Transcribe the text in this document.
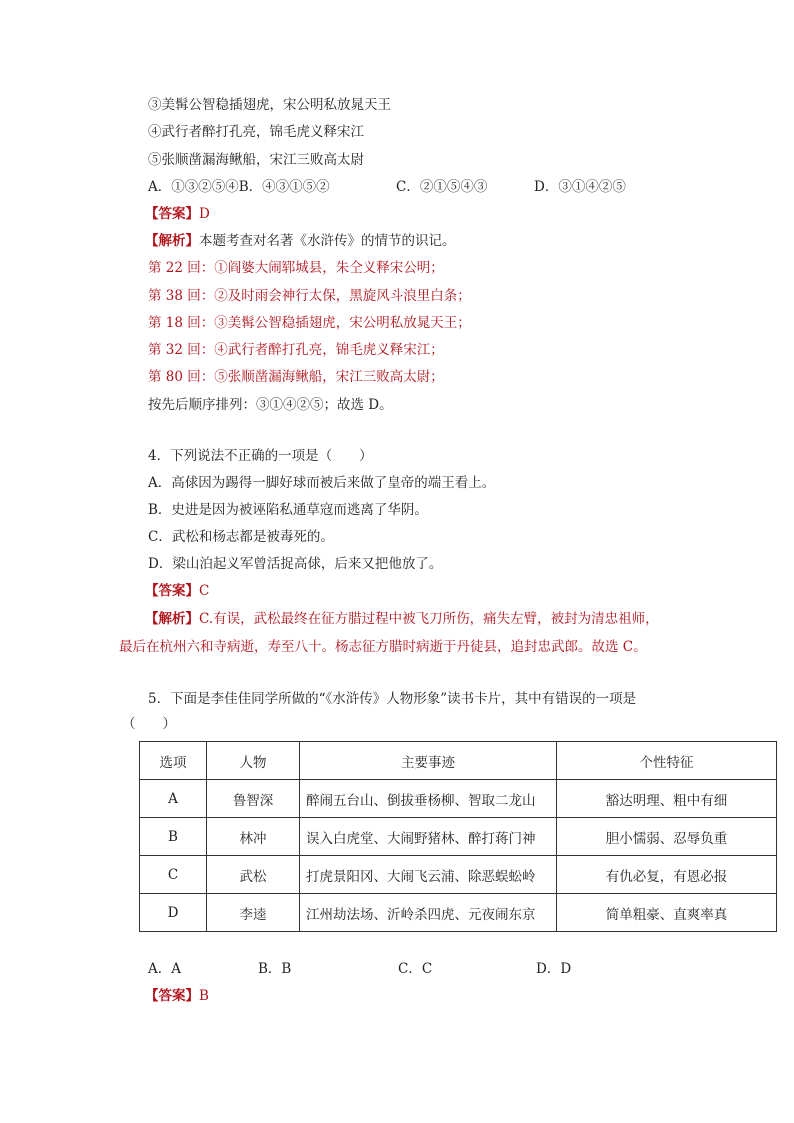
③美髯公智稳插翅虎，宋公明私放晁天王
④武行者醉打孔亮，锦毛虎义释宋江
⑤张顺凿漏海鳅船，宋江三败高太尉
A．①③②⑤④B．④③①⑤②	C．②①⑤④③	D．③①④②⑤
【答案】D
【解析】本题考查对名著《水浒传》的情节的识记。
第 22 回：①阎婆大闹郓城县，朱仝义释宋公明；
第 38 回：②及时雨会神行太保，黑旋风斗浪里白条；
第 18 回：③美髯公智稳插翅虎，宋公明私放晁天王；
第 32 回：④武行者醉打孔亮，锦毛虎义释宋江；
第 80 回：⑤张顺凿漏海鳅船，宋江三败高太尉；
按先后顺序排列：③①④②⑤；故选 D。
4．下列说法不正确的一项是（　　）
A．高俅因为踢得一脚好球而被后来做了皇帝的端王看上。
B．史进是因为被诬陷私通草寇而逃离了华阴。
C．武松和杨志都是被毒死的。
D．梁山泊起义军曾活捉高俅，后来又把他放了。
【答案】C
【解析】C.有误，武松最终在征方腊过程中被飞刀所伤，痛失左臂，被封为清忠祖师，
最后在杭州六和寺病逝，寿至八十。杨志征方腊时病逝于丹徒县，追封忠武郎。故选 C。
5．下面是李佳佳同学所做的“《水浒传》人物形象”读书卡片，其中有错误的一项是
（　　）
选项	人物	主要事迹	个性特征
A	鲁智深	醉闹五台山、倒拔垂杨柳、智取二龙山	豁达明理、粗中有细
B	林冲	误入白虎堂、大闹野猪林、醉打蒋门神	胆小懦弱、忍辱负重
C	武松	打虎景阳冈、大闹飞云浦、除恶蜈蚣岭	有仇必复，有恩必报
D	李逵	江州劫法场、沂岭杀四虎、元夜闹东京	简单粗豪、直爽率真
A．A	B．B	C．C	D．D
【答案】B
